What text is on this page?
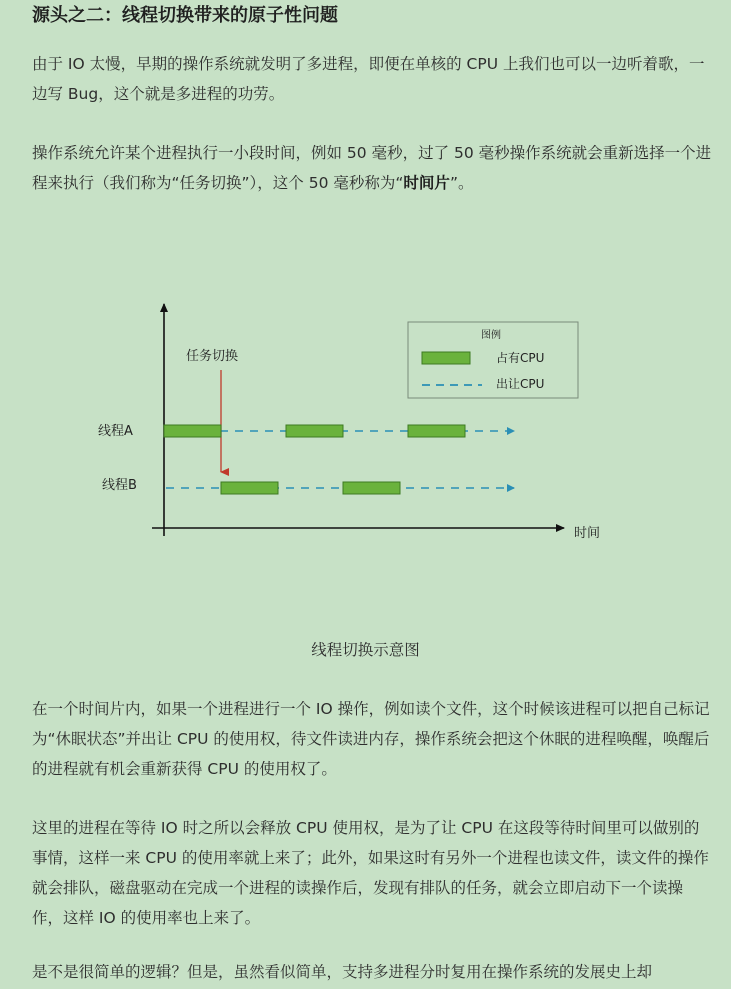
源头之二：线程切换带来的原子性问题

由于 IO 太慢，早期的操作系统就发明了多进程，即便在单核的 CPU 上我们也可以一边听着歌，一边写 Bug，这个就是多进程的功劳。

操作系统允许某个进程执行一小段时间，例如 50 毫秒，过了 50 毫秒操作系统就会重新选择一个进程来执行（我们称为“任务切换”），这个 50 毫秒称为“时间片”。

时间
图例
占有CPU
出让CPU
任务切换
线程A
线程B
线程切换示意图

在一个时间片内，如果一个进程进行一个 IO 操作，例如读个文件，这个时候该进程可以把自己标记为“休眠状态”并出让 CPU 的使用权，待文件读进内存，操作系统会把这个休眠的进程唤醒，唤醒后的进程就有机会重新获得 CPU 的使用权了。

这里的进程在等待 IO 时之所以会释放 CPU 使用权，是为了让 CPU 在这段等待时间里可以做别的事情，这样一来 CPU 的使用率就上来了；此外，如果这时有另外一个进程也读文件，读文件的操作就会排队，磁盘驱动在完成一个进程的读操作后，发现有排队的任务，就会立即启动下一个读操作，这样 IO 的使用率也上来了。

是不是很简单的逻辑？但是，虽然看似简单，支持多进程分时复用在操作系统的发展史上却
